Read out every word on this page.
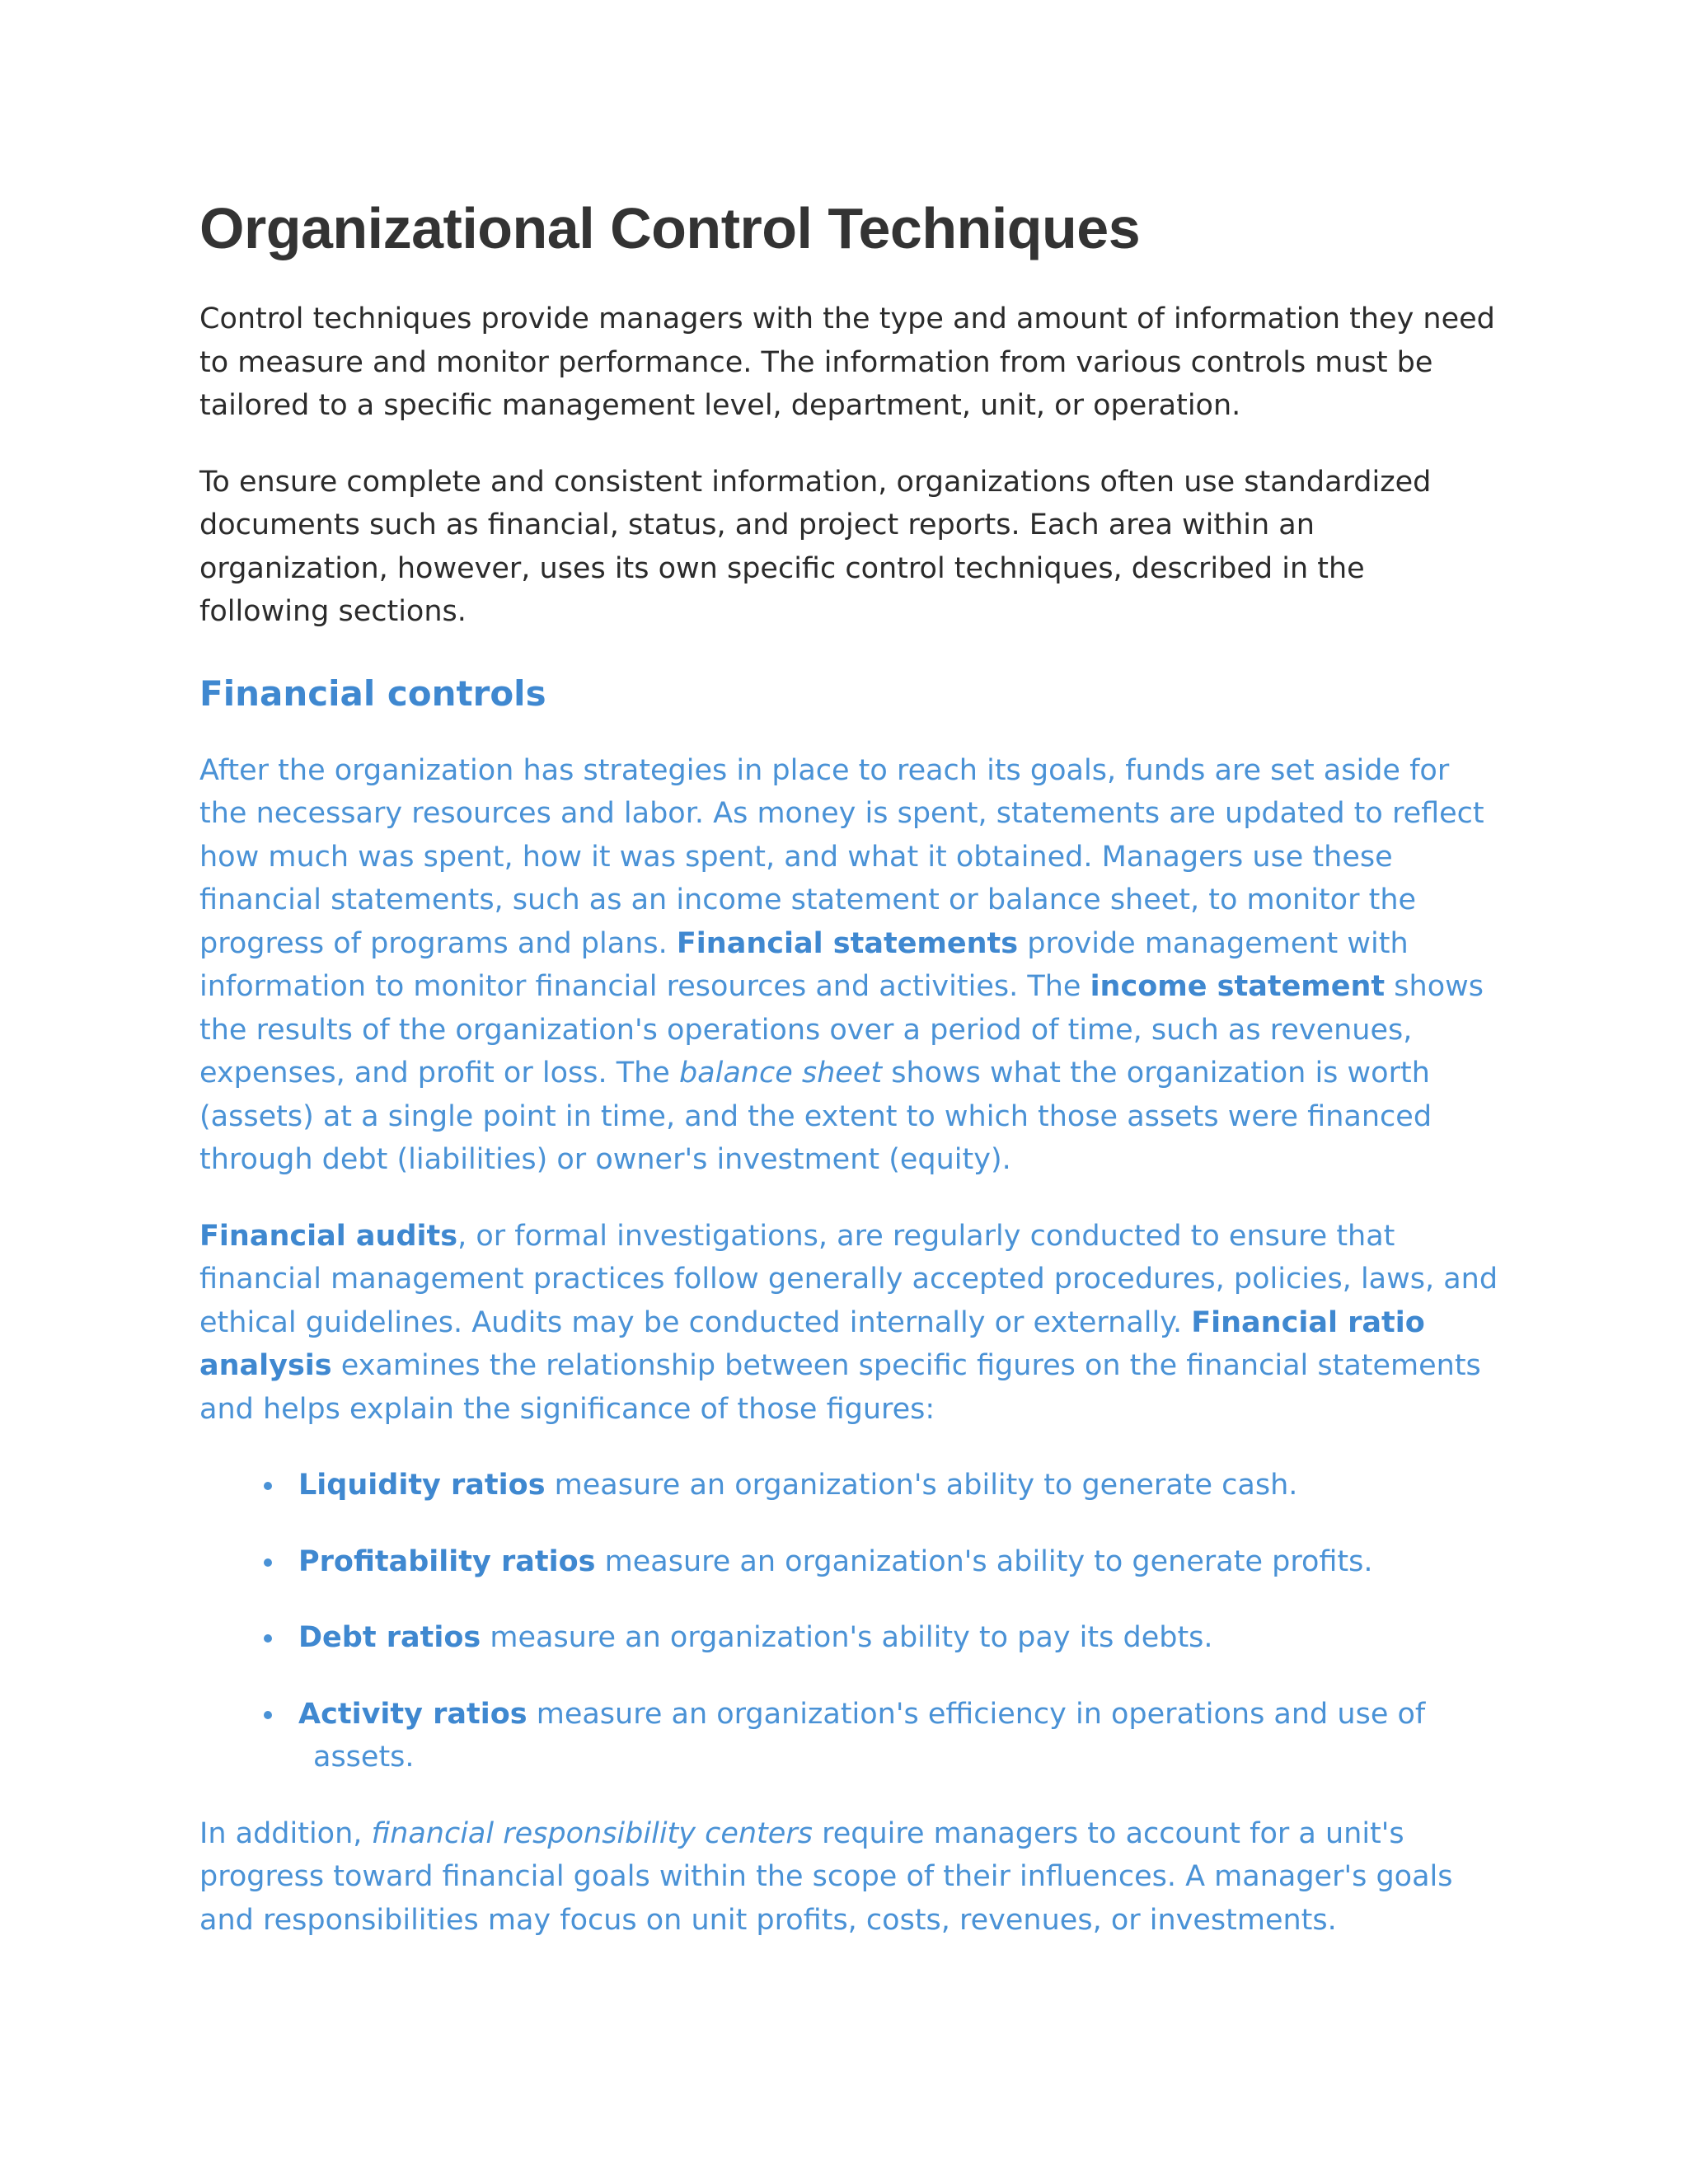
Organizational Control Techniques

Control techniques provide managers with the type and amount of information they need to measure and monitor performance. The information from various controls must be tailored to a specific management level, department, unit, or operation.

To ensure complete and consistent information, organizations often use standardized documents such as financial, status, and project reports. Each area within an organization, however, uses its own specific control techniques, described in the following sections.

Financial controls

After the organization has strategies in place to reach its goals, funds are set aside for the necessary resources and labor. As money is spent, statements are updated to reflect how much was spent, how it was spent, and what it obtained. Managers use these financial statements, such as an income statement or balance sheet, to monitor the progress of programs and plans. Financial statements provide management with information to monitor financial resources and activities. The income statement shows the results of the organization's operations over a period of time, such as revenues, expenses, and profit or loss. The balance sheet shows what the organization is worth (assets) at a single point in time, and the extent to which those assets were financed through debt (liabilities) or owner's investment (equity).

Financial audits, or formal investigations, are regularly conducted to ensure that financial management practices follow generally accepted procedures, policies, laws, and ethical guidelines. Audits may be conducted internally or externally. Financial ratio analysis examines the relationship between specific figures on the financial statements and helps explain the significance of those figures:

Liquidity ratios measure an organization's ability to generate cash.
Profitability ratios measure an organization's ability to generate profits.
Debt ratios measure an organization's ability to pay its debts.
Activity ratios measure an organization's efficiency in operations and use of
assets.

In addition, financial responsibility centers require managers to account for a unit's progress toward financial goals within the scope of their influences. A manager's goals and responsibilities may focus on unit profits, costs, revenues, or investments.
